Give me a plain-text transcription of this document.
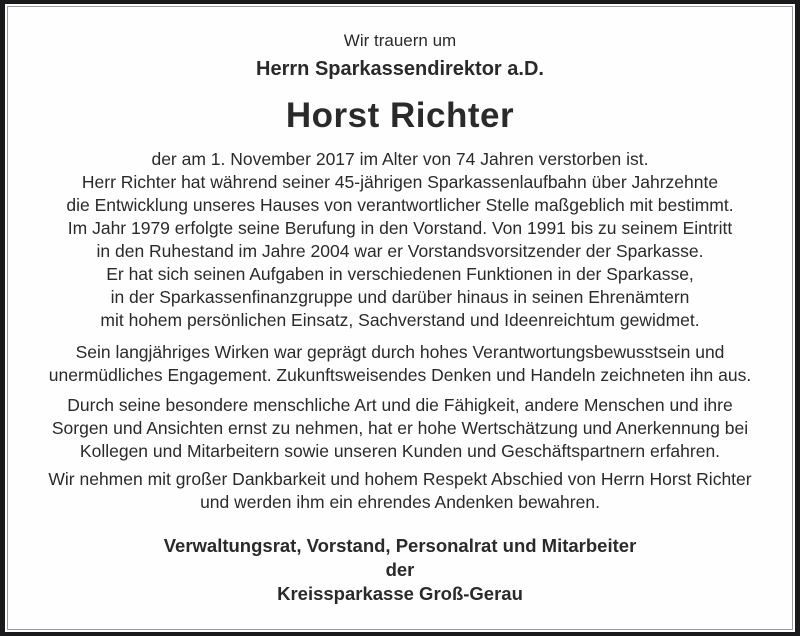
Wir trauern um
Herrn Sparkassendirektor a.D.
Horst Richter
der am 1. November 2017 im Alter von 74 Jahren verstorben ist.
Herr Richter hat während seiner 45-jährigen Sparkassenlaufbahn über Jahrzehnte
die Entwicklung unseres Hauses von verantwortlicher Stelle maßgeblich mit bestimmt.
Im Jahr 1979 erfolgte seine Berufung in den Vorstand. Von 1991 bis zu seinem Eintritt
in den Ruhestand im Jahre 2004 war er Vorstandsvorsitzender der Sparkasse.
Er hat sich seinen Aufgaben in verschiedenen Funktionen in der Sparkasse,
in der Sparkassenfinanzgruppe und darüber hinaus in seinen Ehrenämtern
mit hohem persönlichen Einsatz, Sachverstand und Ideenreichtum gewidmet.
Sein langjähriges Wirken war geprägt durch hohes Verantwortungsbewusstsein und
unermüdliches Engagement. Zukunftsweisendes Denken und Handeln zeichneten ihn aus.
Durch seine besondere menschliche Art und die Fähigkeit, andere Menschen und ihre
Sorgen und Ansichten ernst zu nehmen, hat er hohe Wertschätzung und Anerkennung bei
Kollegen und Mitarbeitern sowie unseren Kunden und Geschäftspartnern erfahren.
Wir nehmen mit großer Dankbarkeit und hohem Respekt Abschied von Herrn Horst Richter
und werden ihm ein ehrendes Andenken bewahren.
Verwaltungsrat, Vorstand, Personalrat und Mitarbeiter
der
Kreissparkasse Groß-Gerau
